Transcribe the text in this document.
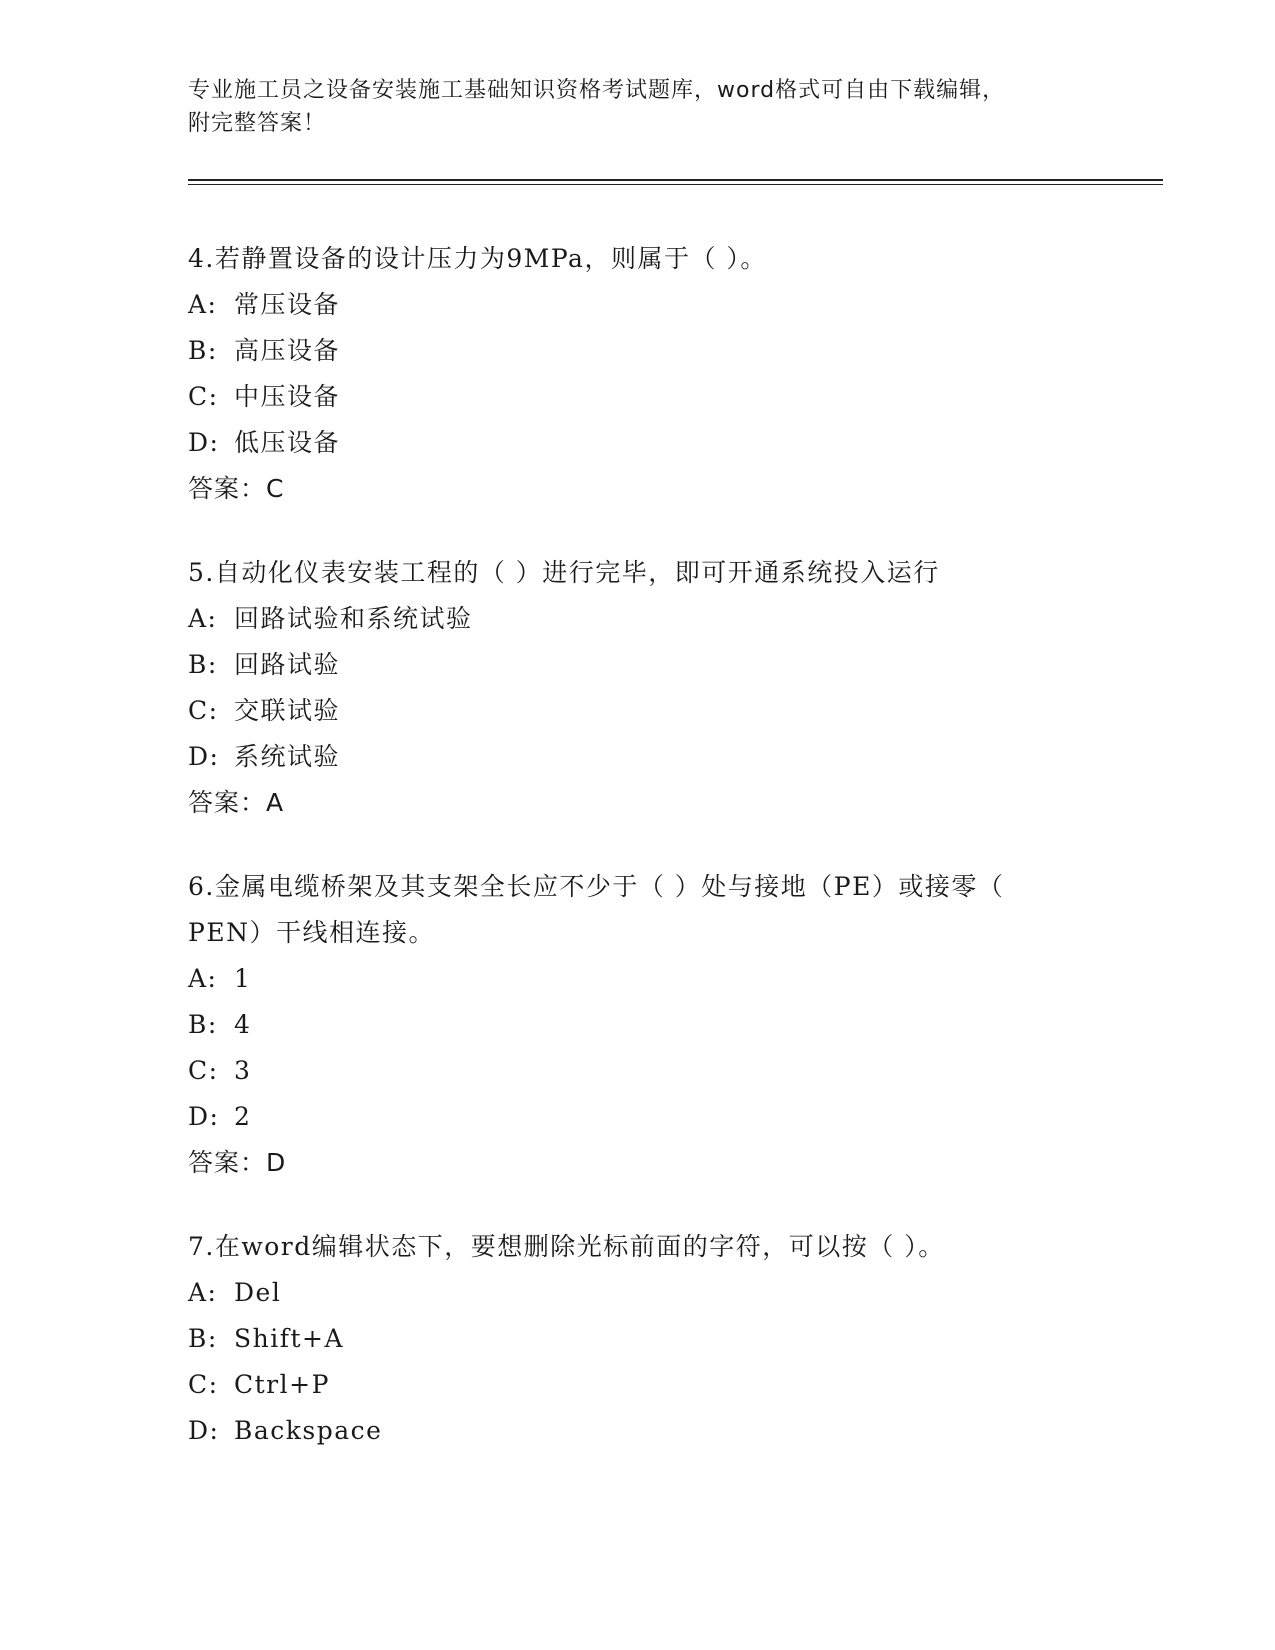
专业施工员之设备安装施工基础知识资格考试题库，word格式可自由下载编辑，
附完整答案！
4.若静置设备的设计压力为9MPa，则属于（ ）。
A: 常压设备
B: 高压设备
C: 中压设备
D: 低压设备
答案：C
5.自动化仪表安装工程的（ ）进行完毕，即可开通系统投入运行
A: 回路试验和系统试验
B: 回路试验
C: 交联试验
D: 系统试验
答案：A
6.金属电缆桥架及其支架全长应不少于（ ）处与接地（PE）或接零（
PEN）干线相连接。
A: 1
B: 4
C: 3
D: 2
答案：D
7.在word编辑状态下，要想删除光标前面的字符，可以按（ ）。
A: Del
B: Shift+A
C: Ctrl+P
D: Backspace
